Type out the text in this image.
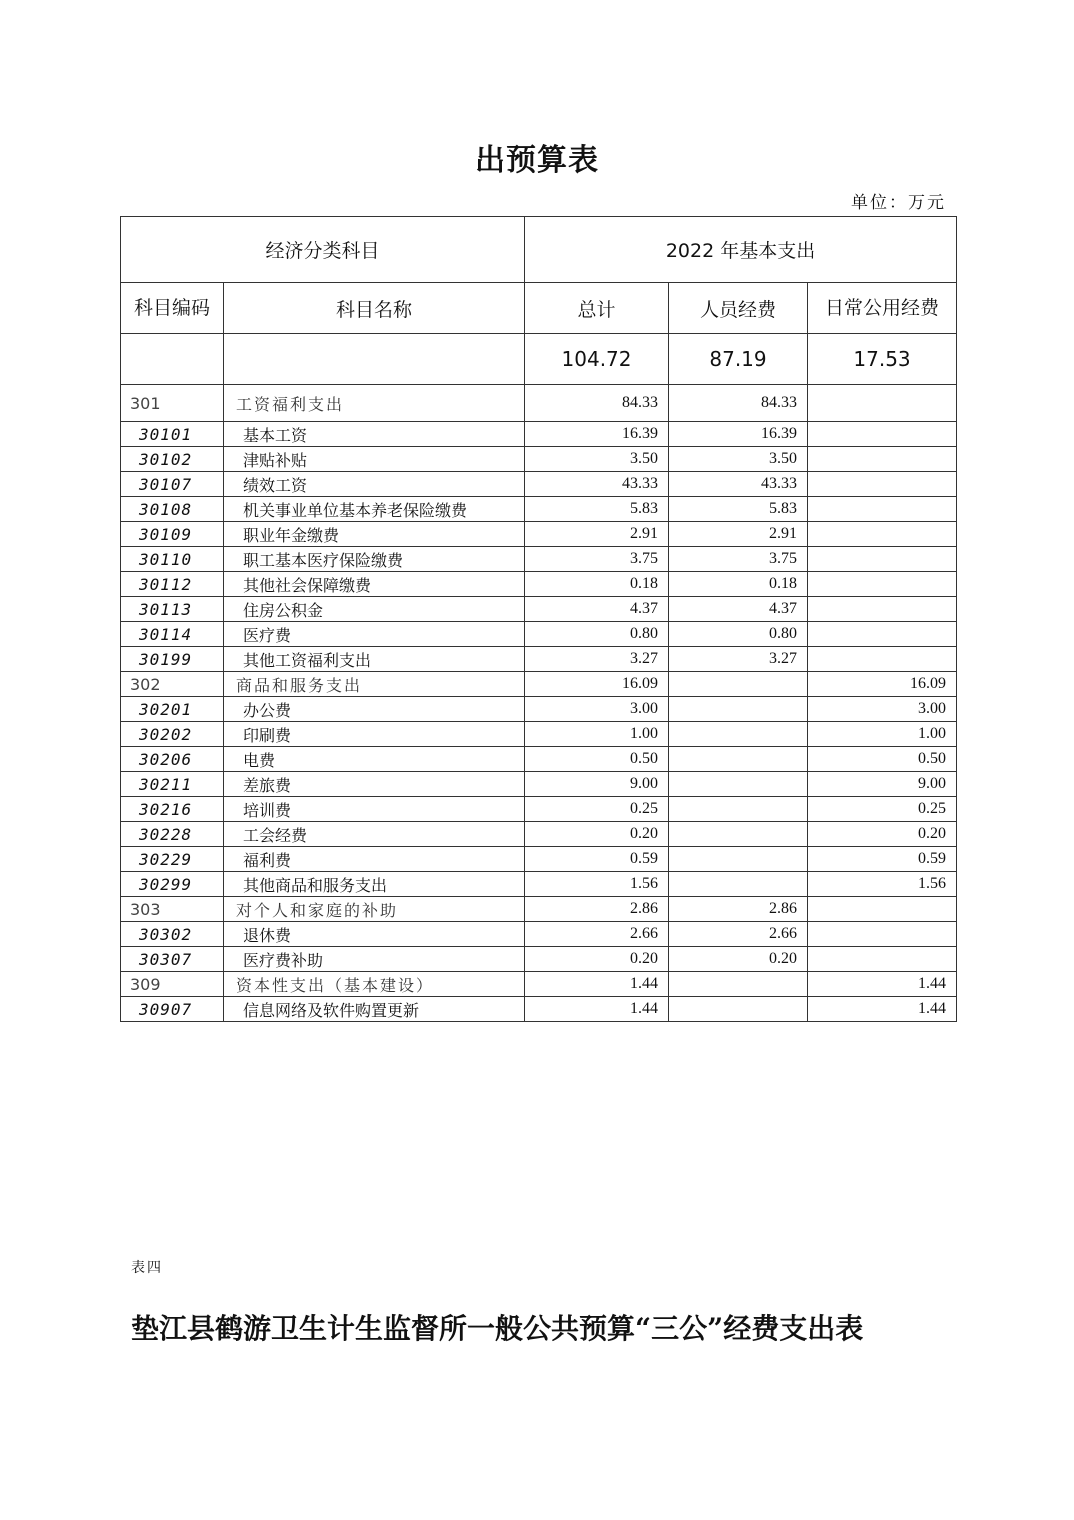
出预算表
单位：万元
经济分类科目		2022 年基本支出		
科目编码	科目名称	总计	人员经费	日常公用经费
		104.72	87.19	17.53
301	工资福利支出	84.33	84.33	
30101	基本工资	16.39	16.39	
30102	津贴补贴	3.50	3.50	
30107	绩效工资	43.33	43.33	
30108	机关事业单位基本养老保险缴费	5.83	5.83	
30109	职业年金缴费	2.91	2.91	
30110	职工基本医疗保险缴费	3.75	3.75	
30112	其他社会保障缴费	0.18	0.18	
30113	住房公积金	4.37	4.37	
30114	医疗费	0.80	0.80	
30199	其他工资福利支出	3.27	3.27	
302	商品和服务支出	16.09		16.09
30201	办公费	3.00		3.00
30202	印刷费	1.00		1.00
30206	电费	0.50		0.50
30211	差旅费	9.00		9.00
30216	培训费	0.25		0.25
30228	工会经费	0.20		0.20
30229	福利费	0.59		0.59
30299	其他商品和服务支出	1.56		1.56
303	对个人和家庭的补助	2.86	2.86	
30302	退休费	2.66	2.66	
30307	医疗费补助	0.20	0.20	
309	资本性支出（基本建设）	1.44		1.44
30907	信息网络及软件购置更新	1.44		1.44
表四
垫江县鹤游卫生计生监督所一般公共预算“三公”经费支出表
